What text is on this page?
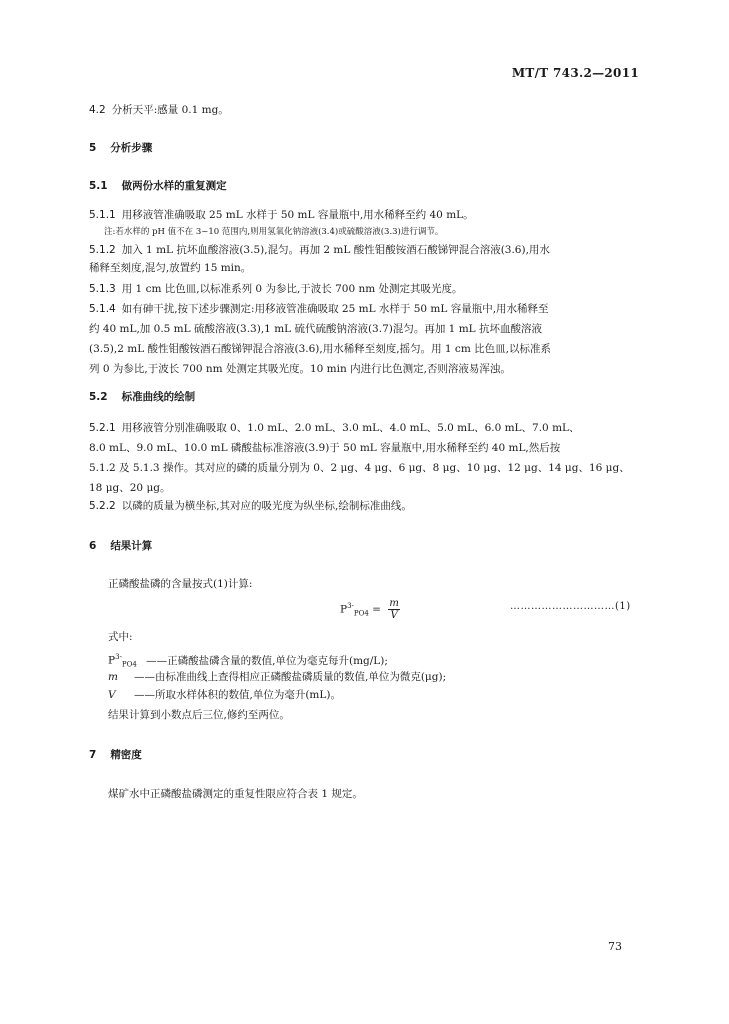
MT/T 743.2—2011
4.2 分析天平:感量 0.1 mg。
5 分析步骤
5.1 做两份水样的重复测定
5.1.1 用移液管准确吸取 25 mL 水样于 50 mL 容量瓶中,用水稀释至约 40 mL。
注:若水样的 pH 值不在 3~10 范围内,则用氢氧化钠溶液(3.4)或硫酸溶液(3.3)进行调节。
5.1.2 加入 1 mL 抗坏血酸溶液(3.5),混匀。再加 2 mL 酸性钼酸铵酒石酸锑钾混合溶液(3.6),用水
稀释至刻度,混匀,放置约 15 min。
5.1.3 用 1 cm 比色皿,以标准系列 0 为参比,于波长 700 nm 处测定其吸光度。
5.1.4 如有砷干扰,按下述步骤测定:用移液管准确吸取 25 mL 水样于 50 mL 容量瓶中,用水稀释至
约 40 mL,加 0.5 mL 硫酸溶液(3.3),1 mL 硫代硫酸钠溶液(3.7)混匀。再加 1 mL 抗坏血酸溶液
(3.5),2 mL 酸性钼酸铵酒石酸锑钾混合溶液(3.6),用水稀释至刻度,摇匀。用 1 cm 比色皿,以标准系
列 0 为参比,于波长 700 nm 处测定其吸光度。10 min 内进行比色测定,否则溶液易浑浊。
5.2 标准曲线的绘制
5.2.1 用移液管分别准确吸取 0、1.0 mL、2.0 mL、3.0 mL、4.0 mL、5.0 mL、6.0 mL、7.0 mL、
8.0 mL、9.0 mL、10.0 mL 磷酸盐标准溶液(3.9)于 50 mL 容量瓶中,用水稀释至约 40 mL,然后按
5.1.2 及 5.1.3 操作。其对应的磷的质量分别为 0、2 μg、4 μg、6 μg、8 μg、10 μg、12 μg、14 μg、16 μg、
18 μg、20 μg。
5.2.2 以磷的质量为横坐标,其对应的吸光度为纵坐标,绘制标准曲线。
6 结果计算
正磷酸盐磷的含量按式(1)计算:
$P^{3-}_{PO4} = \frac{m}{V}$	…………………………(1)
式中:
$P^{3-}_{PO4}$ ——正磷酸盐磷含量的数值,单位为毫克每升(mg/L);
m ——由标准曲线上查得相应正磷酸盐磷质量的数值,单位为微克(μg);
V ——所取水样体积的数值,单位为毫升(mL)。
结果计算到小数点后三位,修约至两位。
7 精密度
煤矿水中正磷酸盐磷测定的重复性限应符合表 1 规定。
73
